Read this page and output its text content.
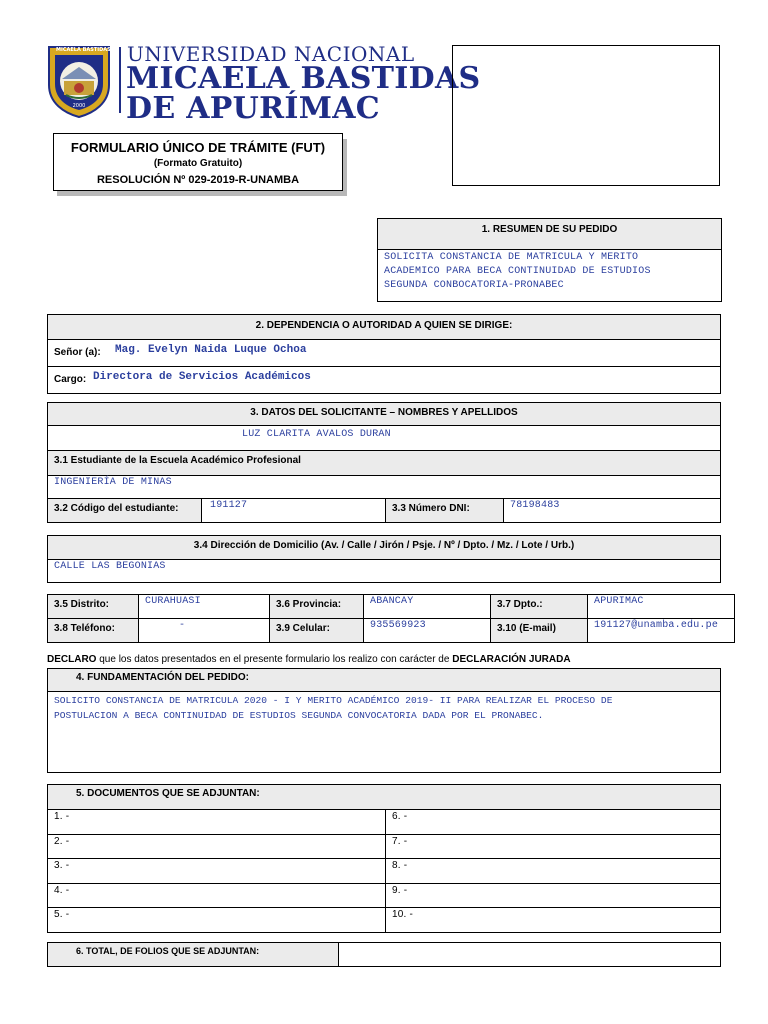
MICAELA BASTIDAS
2000
UNIVERSIDAD NACIONAL
MICAELA BASTIDAS
DE APURÍMAC
FORMULARIO ÚNICO DE TRÁMITE (FUT)
(Formato Gratuito)
RESOLUCIÓN Nº 029-2019-R-UNAMBA
1. RESUMEN DE SU PEDIDO
SOLICITA CONSTANCIA DE MATRICULA Y MERITO
ACADEMICO PARA BECA CONTINUIDAD DE ESTUDIOS
SEGUNDA CONBOCATORIA-PRONABEC
2. DEPENDENCIA O AUTORIDAD A QUIEN SE DIRIGE:
Señor (a): Mag. Evelyn Naida Luque Ochoa
Cargo: Directora de Servicios Académicos
3. DATOS DEL SOLICITANTE – NOMBRES Y APELLIDOS
LUZ CLARITA AVALOS DURAN
3.1 Estudiante de la Escuela Académico Profesional
INGENIERÍA DE MINAS
3.2 Código del estudiante:	191127	3.3 Número DNI:	78198483
3.4 Dirección de Domicilio (Av. / Calle / Jirón / Psje. / Nº / Dpto. / Mz. / Lote / Urb.)
CALLE LAS BEGONIAS
3.5 Distrito:	CURAHUASI	3.6 Provincia:	ABANCAY	3.7 Dpto.:	APURIMAC
3.8 Teléfono:	-	3.9 Celular:	935569923	3.10 (E-mail)	191127@unamba.edu.pe
DECLARO que los datos presentados en el presente formulario los realizo con carácter de DECLARACIÓN JURADA
4. FUNDAMENTACIÓN DEL PEDIDO:
SOLICITO CONSTANCIA DE MATRICULA 2020 - I Y MERITO ACADÉMICO 2019- II PARA REALIZAR EL PROCESO DE
POSTULACION A BECA CONTINUIDAD DE ESTUDIOS SEGUNDA CONVOCATORIA DADA POR EL PRONABEC.
5. DOCUMENTOS QUE SE ADJUNTAN:
1. -	6. -
2. -	7. -
3. -	8. -
4. -	9. -
5. -	10. -
6. TOTAL, DE FOLIOS QUE SE ADJUNTAN:
